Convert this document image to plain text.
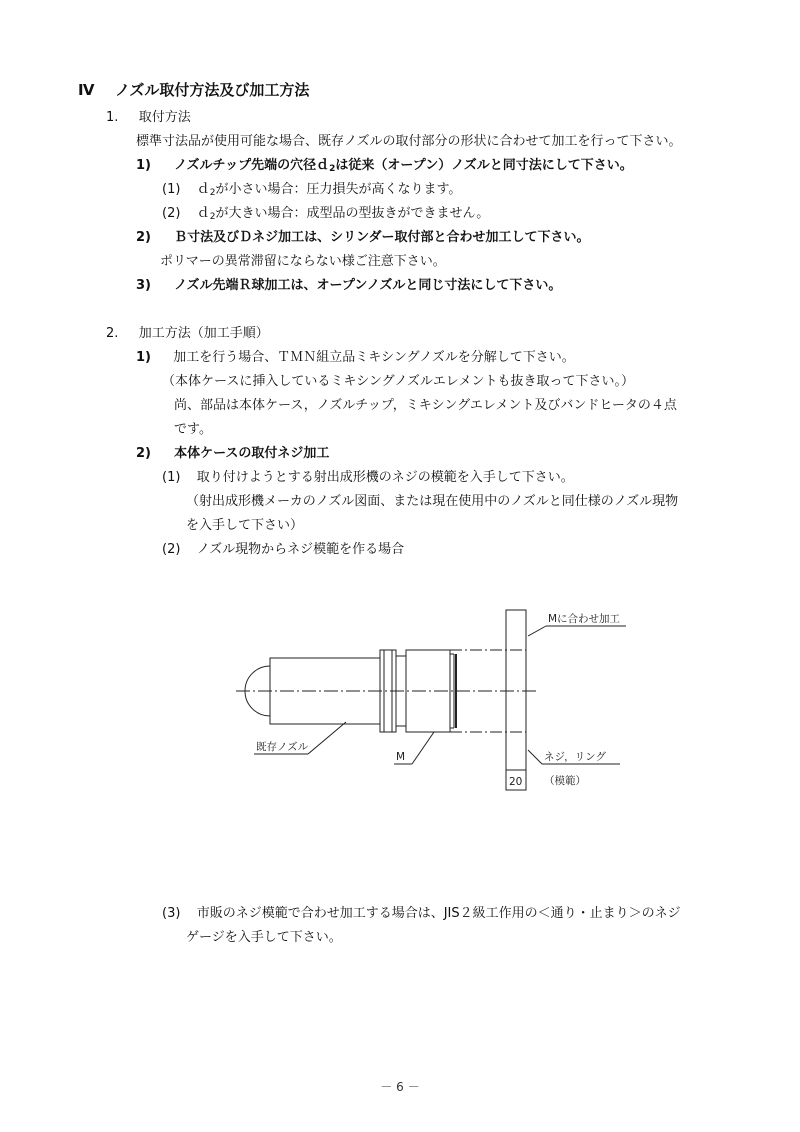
Ⅳ ノズル取付方法及び加工方法
1. 取付方法
標準寸法品が使用可能な場合、既存ノズルの取付部分の形状に合わせて加工を行って下さい。
1) ノズルチップ先端の穴径ｄ$_2$は従来（オープン）ノズルと同寸法にして下さい。
(1) ｄ$_2$が小さい場合：圧力損失が高くなります。
(2) ｄ$_2$が大きい場合：成型品の型抜きができません。
2) Ｂ寸法及びＤネジ加工は、シリンダー取付部と合わせ加工して下さい。
ポリマーの異常滞留にならない様ご注意下さい。
3) ノズル先端Ｒ球加工は、オープンノズルと同じ寸法にして下さい。
2. 加工方法（加工手順）
1) 加工を行う場合、ＴＭＮ組立品ミキシングノズルを分解して下さい。
（本体ケースに挿入しているミキシングノズルエレメントも抜き取って下さい。）
尚、部品は本体ケース，ノズルチップ，ミキシングエレメント及びバンドヒータの４点
です。
2) 本体ケースの取付ネジ加工
(1) 取り付けようとする射出成形機のネジの模範を入手して下さい。
（射出成形機メーカのノズル図面、または現在使用中のノズルと同仕様のノズル現物
を入手して下さい）
(2) ノズル現物からネジ模範を作る場合
Mに合わせ加工
既存ノズル
M	ネジ，リング
（模範）
20
(3) 市販のネジ模範で合わせ加工する場合は、JIS２級工作用の＜通り・止まり＞のネジ
ゲージを入手して下さい。
－ 6 －
